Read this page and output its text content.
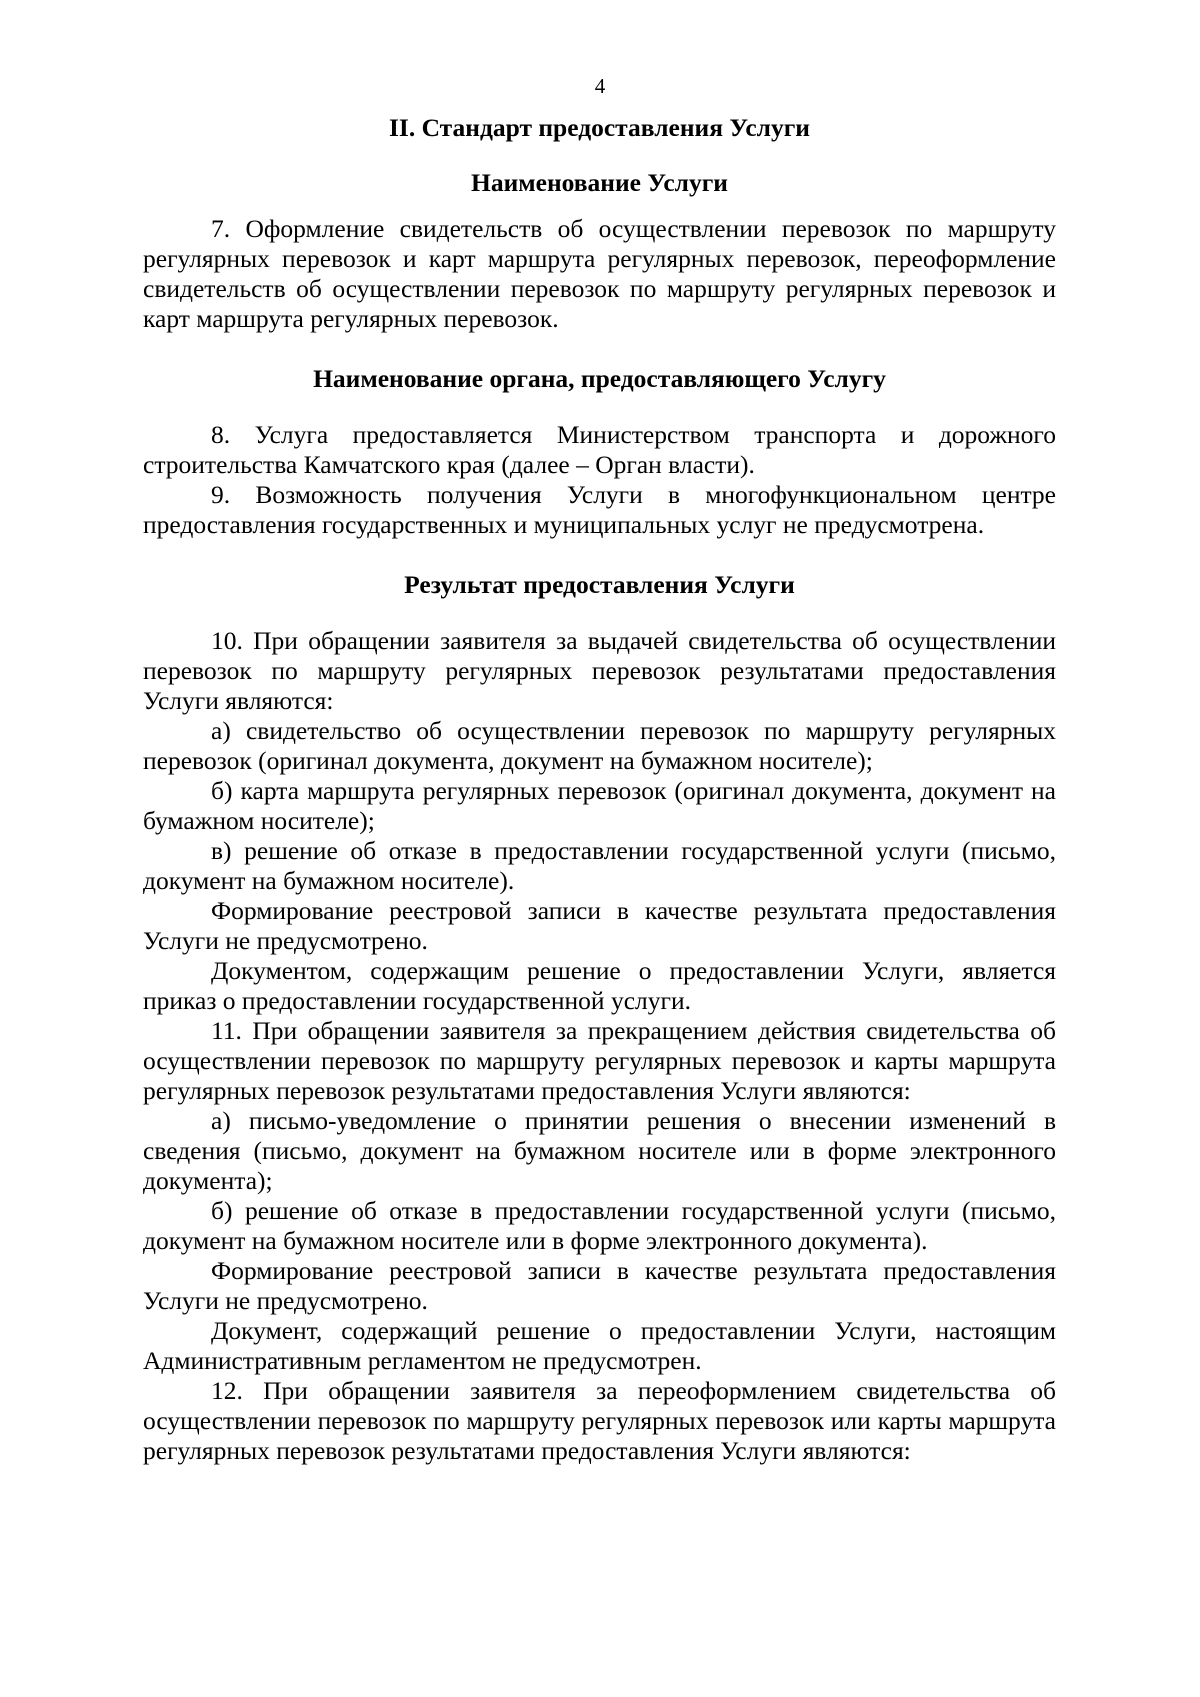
4
II. Стандарт предоставления Услуги
Наименование Услуги

7. Оформление свидетельств об осуществлении перевозок по маршруту регулярных перевозок и карт маршрута регулярных перевозок, переоформление свидетельств об осуществлении перевозок по маршруту регулярных перевозок и карт маршрута регулярных перевозок.

Наименование органа, предоставляющего Услугу

8. Услуга предоставляется Министерством транспорта и дорожного строительства Камчатского края (далее – Орган власти).

9. Возможность получения Услуги в многофункциональном центре предоставления государственных и муниципальных услуг не предусмотрена.

Результат предоставления Услуги

10. При обращении заявителя за выдачей свидетельства об осуществлении перевозок по маршруту регулярных перевозок результатами предоставления Услуги являются:

а) свидетельство об осуществлении перевозок по маршруту регулярных перевозок (оригинал документа, документ на бумажном носителе);

б) карта маршрута регулярных перевозок (оригинал документа, документ на бумажном носителе);

в) решение об отказе в предоставлении государственной услуги (письмо, документ на бумажном носителе).

Формирование реестровой записи в качестве результата предоставления Услуги не предусмотрено.

Документом, содержащим решение о предоставлении Услуги, является приказ о предоставлении государственной услуги.

11. При обращении заявителя за прекращением действия свидетельства об осуществлении перевозок по маршруту регулярных перевозок и карты маршрута регулярных перевозок результатами предоставления Услуги являются:

а) письмо-уведомление о принятии решения о внесении изменений в сведения (письмо, документ на бумажном носителе или в форме электронного документа);

б) решение об отказе в предоставлении государственной услуги (письмо, документ на бумажном носителе или в форме электронного документа).

Формирование реестровой записи в качестве результата предоставления Услуги не предусмотрено.

Документ, содержащий решение о предоставлении Услуги, настоящим Административным регламентом не предусмотрен.

12. При обращении заявителя за переоформлением свидетельства об осуществлении перевозок по маршруту регулярных перевозок или карты маршрута регулярных перевозок результатами предоставления Услуги являются:
